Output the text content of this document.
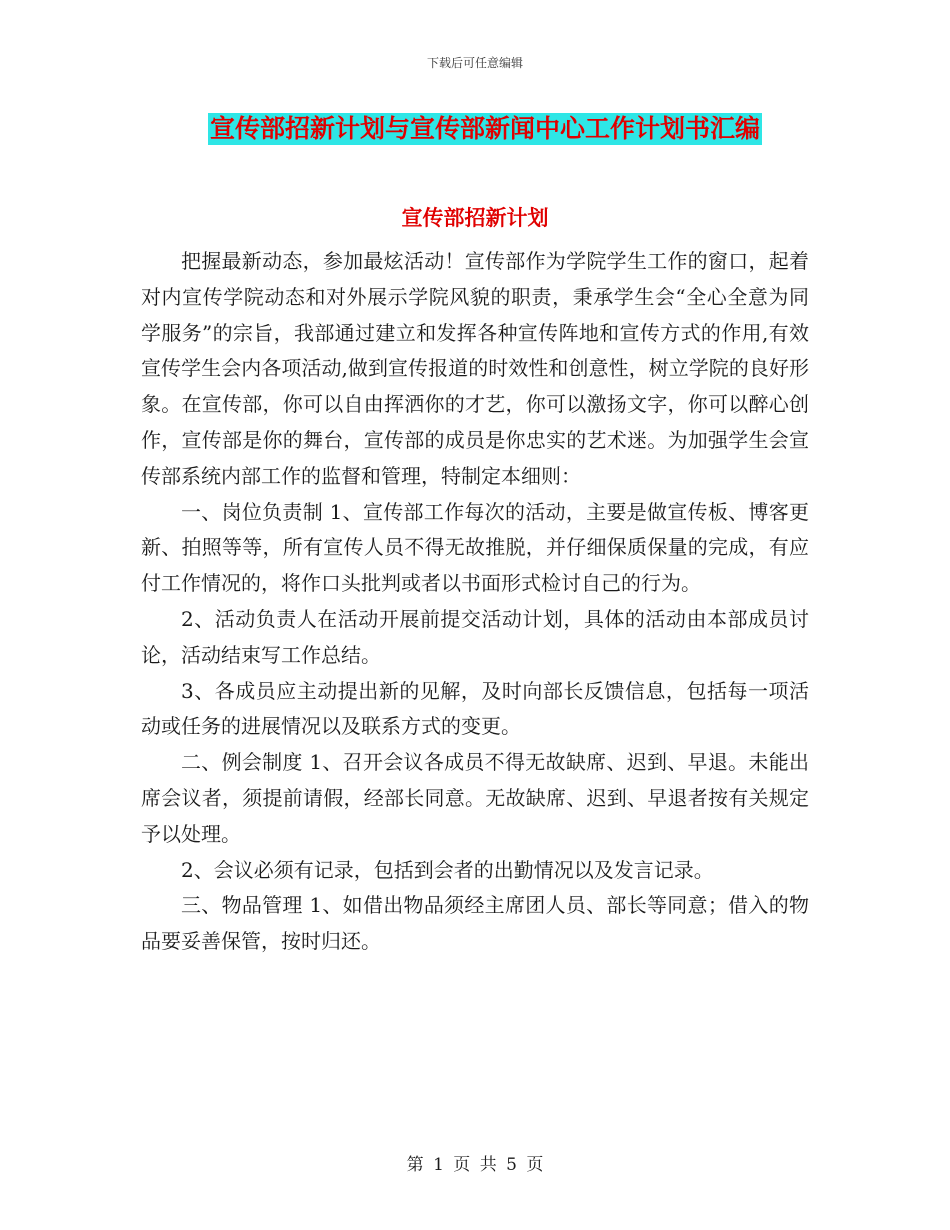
下载后可任意编辑
宣传部招新计划与宣传部新闻中心工作计划书汇编
宣传部招新计划

把握最新动态，参加最炫活动！宣传部作为学院学生工作的窗口，起着对内宣传学院动态和对外展示学院风貌的职责，秉承学生会“全心全意为同学服务”的宗旨，我部通过建立和发挥各种宣传阵地和宣传方式的作用,有效宣传学生会内各项活动,做到宣传报道的时效性和创意性，树立学院的良好形象。在宣传部，你可以自由挥洒你的才艺，你可以激扬文字，你可以醉心创作，宣传部是你的舞台，宣传部的成员是你忠实的艺术迷。为加强学生会宣传部系统内部工作的监督和管理，特制定本细则：

一、岗位负责制 1、宣传部工作每次的活动，主要是做宣传板、博客更新、拍照等等，所有宣传人员不得无故推脱，并仔细保质保量的完成，有应付工作情况的，将作口头批判或者以书面形式检讨自己的行为。

2、活动负责人在活动开展前提交活动计划，具体的活动由本部成员讨论，活动结束写工作总结。

3、各成员应主动提出新的见解，及时向部长反馈信息，包括每一项活动或任务的进展情况以及联系方式的变更。

二、例会制度 1、召开会议各成员不得无故缺席、迟到、早退。未能出席会议者，须提前请假，经部长同意。无故缺席、迟到、早退者按有关规定予以处理。

2、会议必须有记录，包括到会者的出勤情况以及发言记录。

三、物品管理 1、如借出物品须经主席团人员、部长等同意；借入的物品要妥善保管，按时归还。

第 1 页 共 5 页
